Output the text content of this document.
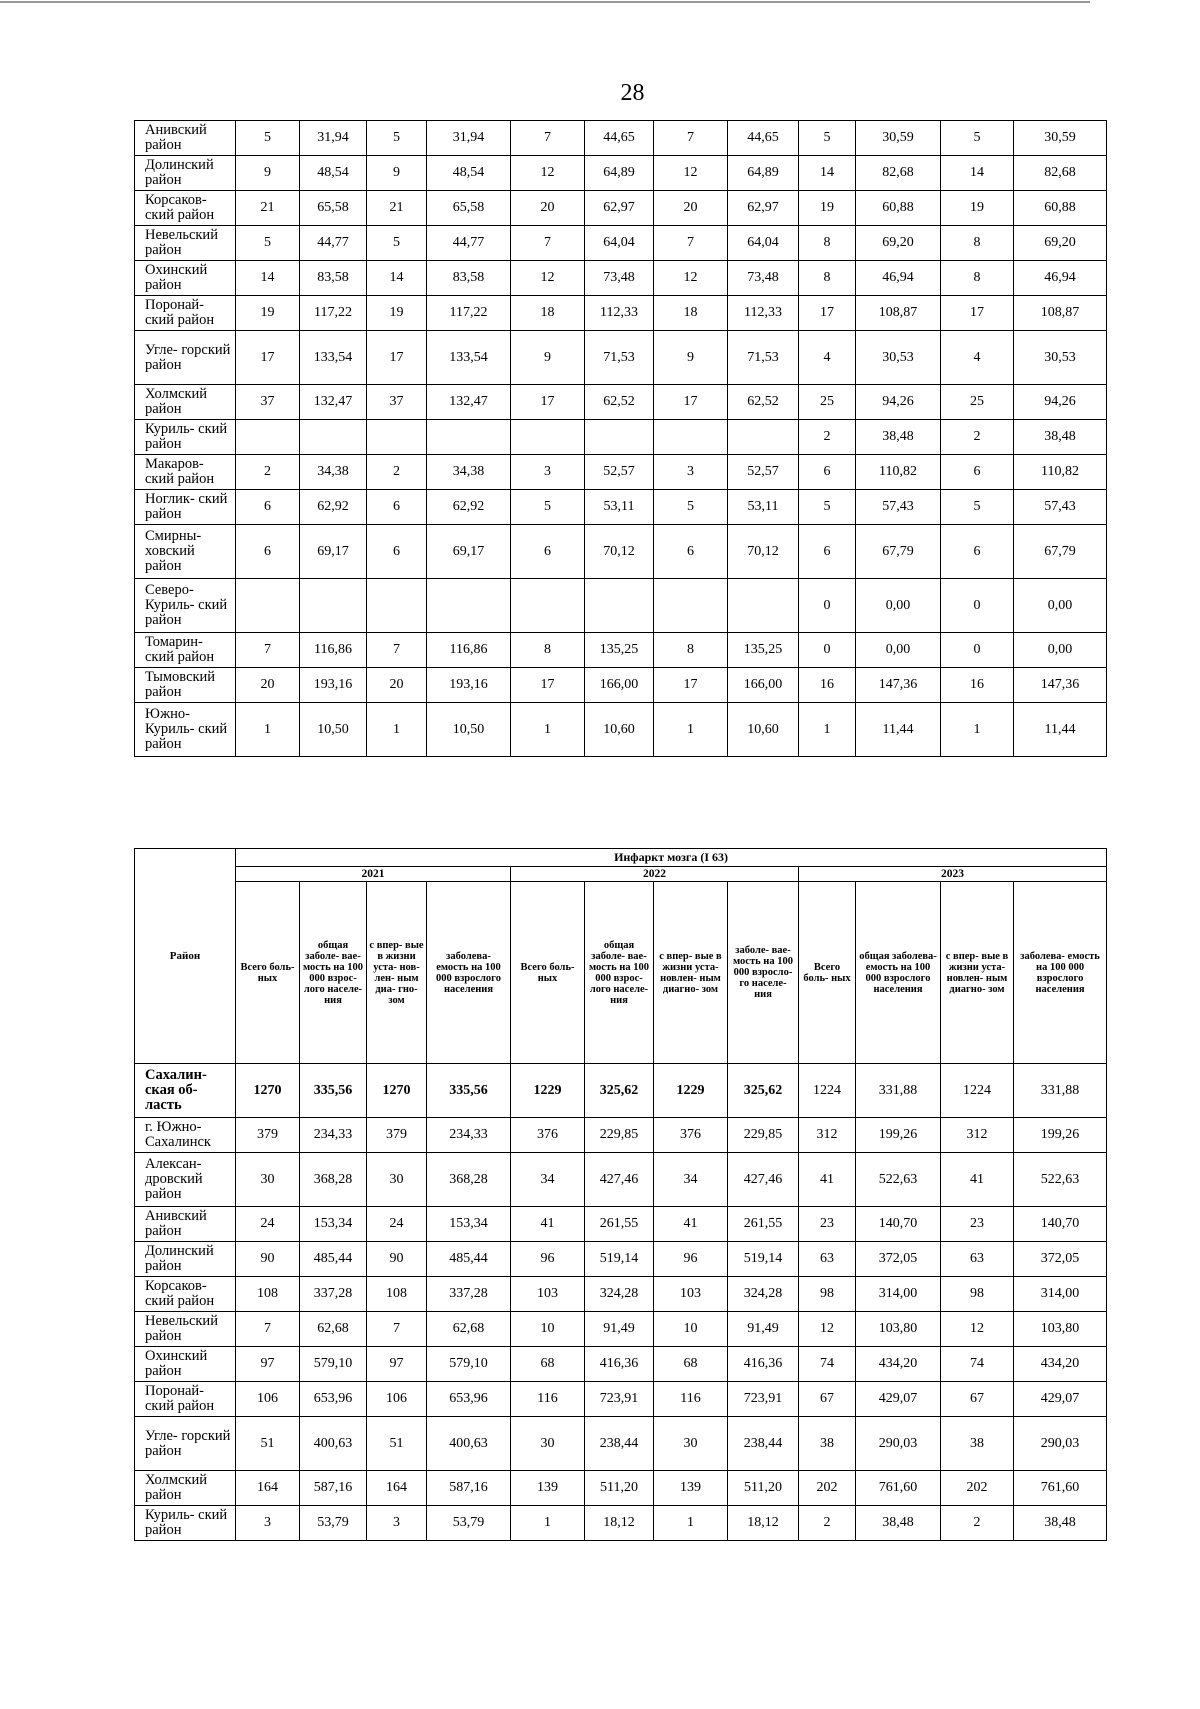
28
Анивский район	5	31,94	5	31,94	7	44,65	7	44,65	5	30,59	5	30,59
Долинский район	9	48,54	9	48,54	12	64,89	12	64,89	14	82,68	14	82,68
Корсаков- ский район	21	65,58	21	65,58	20	62,97	20	62,97	19	60,88	19	60,88
Невельский район	5	44,77	5	44,77	7	64,04	7	64,04	8	69,20	8	69,20
Охинский район	14	83,58	14	83,58	12	73,48	12	73,48	8	46,94	8	46,94
Поронай- ский район	19	117,22	19	117,22	18	112,33	18	112,33	17	108,87	17	108,87
Угле- горский район	17	133,54	17	133,54	9	71,53	9	71,53	4	30,53	4	30,53
Холмский район	37	132,47	37	132,47	17	62,52	17	62,52	25	94,26	25	94,26
Куриль- ский район									2	38,48	2	38,48
Макаров- ский район	2	34,38	2	34,38	3	52,57	3	52,57	6	110,82	6	110,82
Ноглик- ский район	6	62,92	6	62,92	5	53,11	5	53,11	5	57,43	5	57,43
Смирны- ховский район	6	69,17	6	69,17	6	70,12	6	70,12	6	67,79	6	67,79
Северо- Куриль- ский район									0	0,00	0	0,00
Томарин- ский район	7	116,86	7	116,86	8	135,25	8	135,25	0	0,00	0	0,00
Тымовский район	20	193,16	20	193,16	17	166,00	17	166,00	16	147,36	16	147,36
Южно- Куриль- ский район	1	10,50	1	10,50	1	10,60	1	10,60	1	11,44	1	11,44
Район	Инфаркт мозга (I 63)											
	2021				2022				2023			
	Всего боль- ных	общая заболе- вае- мость на 100 000 взрос- лого населе- ния	с впер- вые в жизни уста- нов- лен- ным диа- гно- зом	заболева- емость на 100 000 взрослого населения	Всего боль- ных	общая заболе- вае- мость на 100 000 взрос- лого населе- ния	с впер- вые в жизни уста- новлен- ным диагно- зом	заболе- вае- мость на 100 000 взросло- го населе- ния	Всего боль- ных	общая заболева- емость на 100 000 взрослого населения	с впер- вые в жизни уста- новлен- ным диагно- зом	заболева- емость на 100 000 взрослого населения
Сахалин- ская об- ласть	1270	335,56	1270	335,56	1229	325,62	1229	325,62	1224	331,88	1224	331,88
г. Южно- Сахалинск	379	234,33	379	234,33	376	229,85	376	229,85	312	199,26	312	199,26
Алексан- дровский район	30	368,28	30	368,28	34	427,46	34	427,46	41	522,63	41	522,63
Анивский район	24	153,34	24	153,34	41	261,55	41	261,55	23	140,70	23	140,70
Долинский район	90	485,44	90	485,44	96	519,14	96	519,14	63	372,05	63	372,05
Корсаков- ский район	108	337,28	108	337,28	103	324,28	103	324,28	98	314,00	98	314,00
Невельский район	7	62,68	7	62,68	10	91,49	10	91,49	12	103,80	12	103,80
Охинский район	97	579,10	97	579,10	68	416,36	68	416,36	74	434,20	74	434,20
Поронай- ский район	106	653,96	106	653,96	116	723,91	116	723,91	67	429,07	67	429,07
Угле- горский район	51	400,63	51	400,63	30	238,44	30	238,44	38	290,03	38	290,03
Холмский район	164	587,16	164	587,16	139	511,20	139	511,20	202	761,60	202	761,60
Куриль- ский район	3	53,79	3	53,79	1	18,12	1	18,12	2	38,48	2	38,48
